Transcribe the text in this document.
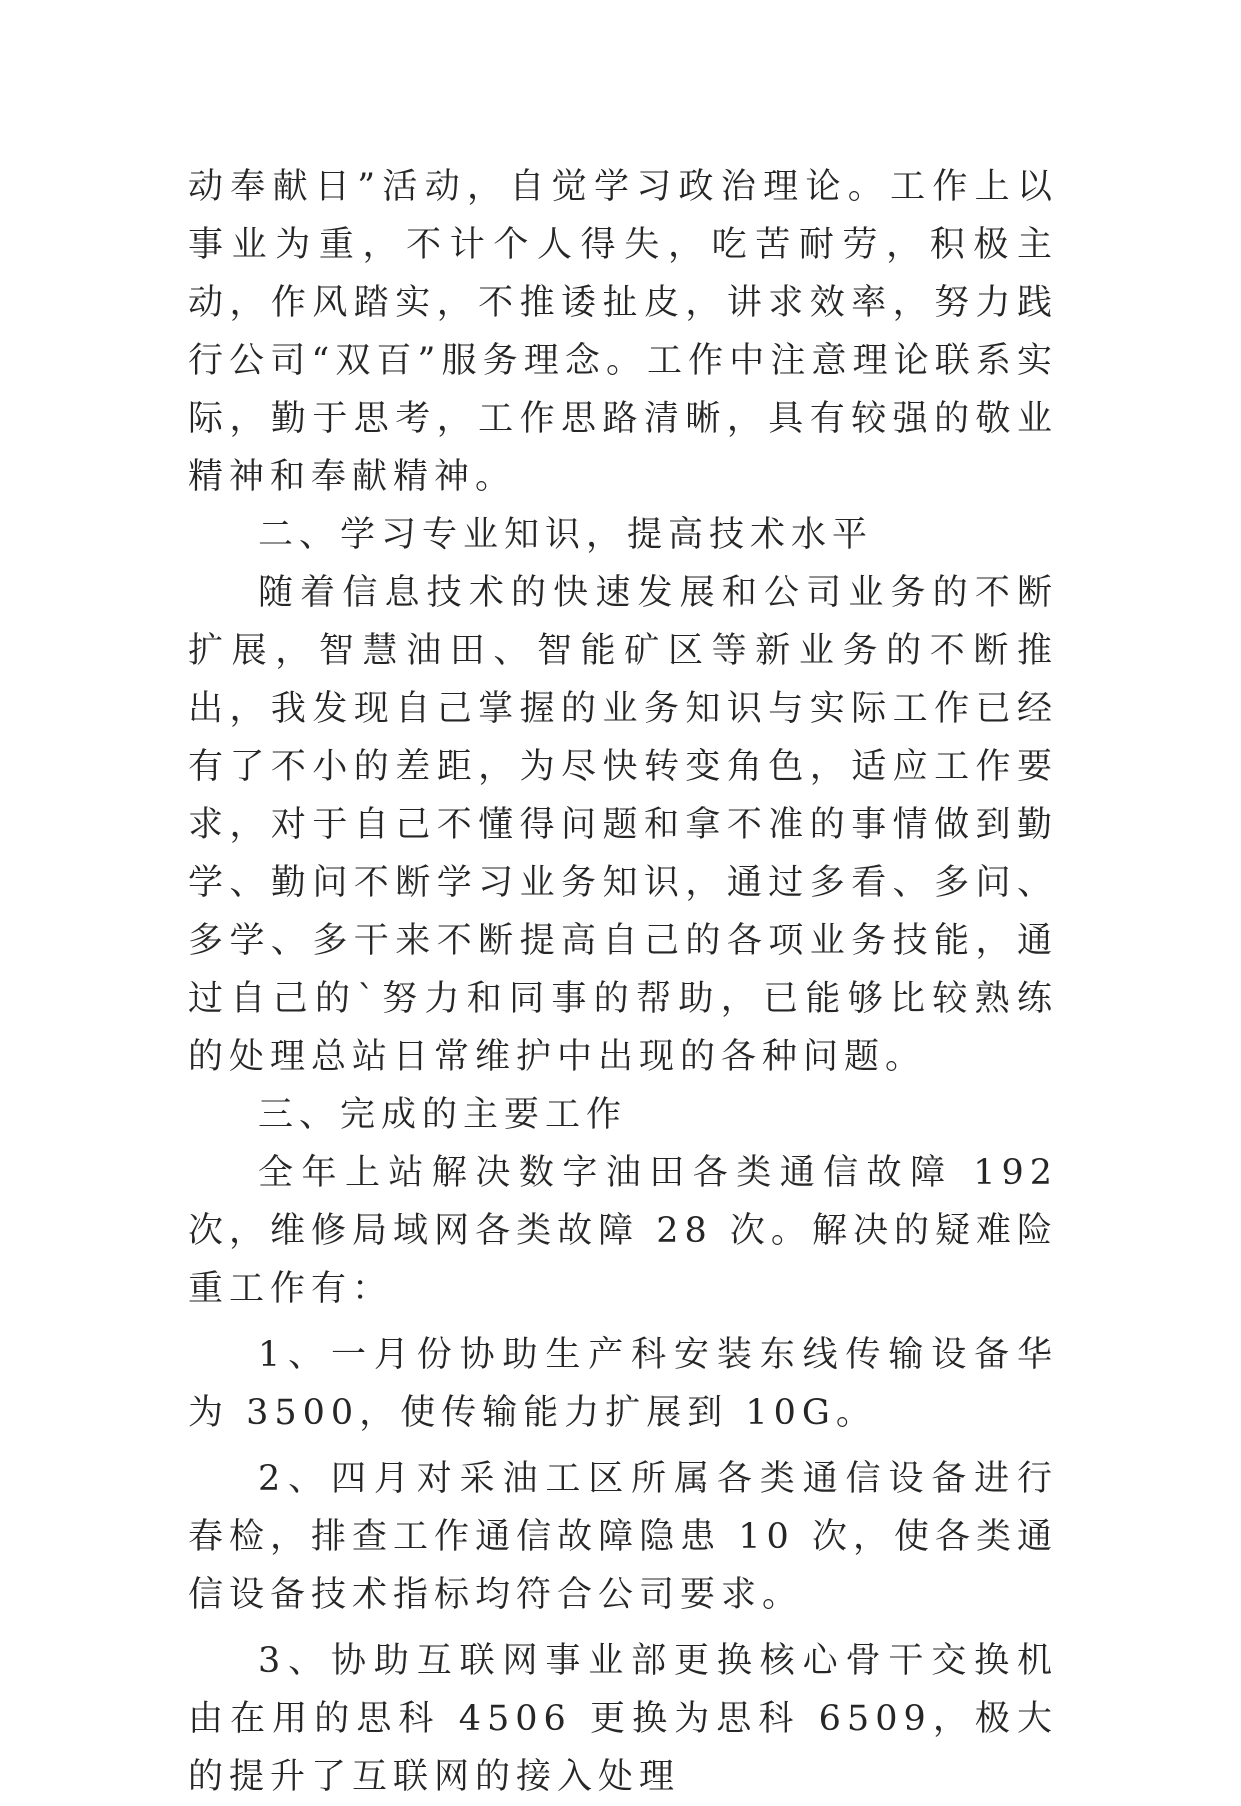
动奉献日”活动，自觉学习政治理论。工作上以事业为重，不计个人得失，吃苦耐劳，积极主动，作风踏实，不推诿扯皮，讲求效率，努力践行公司“双百”服务理念。工作中注意理论联系实际，勤于思考，工作思路清晰，具有较强的敬业精神和奉献精神。

二、学习专业知识，提高技术水平

随着信息技术的快速发展和公司业务的不断扩展，智慧油田、智能矿区等新业务的不断推出，我发现自己掌握的业务知识与实际工作已经有了不小的差距，为尽快转变角色，适应工作要求，对于自己不懂得问题和拿不准的事情做到勤学、勤问不断学习业务知识，通过多看、多问、多学、多干来不断提高自己的各项业务技能，通过自己的`努力和同事的帮助，已能够比较熟练的处理总站日常维护中出现的各种问题。

三、完成的主要工作

全年上站解决数字油田各类通信故障 192 次，维修局域网各类故障 28 次。解决的疑难险重工作有：

1、一月份协助生产科安装东线传输设备华为 3500，使传输能力扩展到 10G。

2、四月对采油工区所属各类通信设备进行春检，排查工作通信故障隐患 10 次，使各类通信设备技术指标均符合公司要求。

3、协助互联网事业部更换核心骨干交换机由在用的思科 4506 更换为思科 6509，极大的提升了互联网的接入处理
